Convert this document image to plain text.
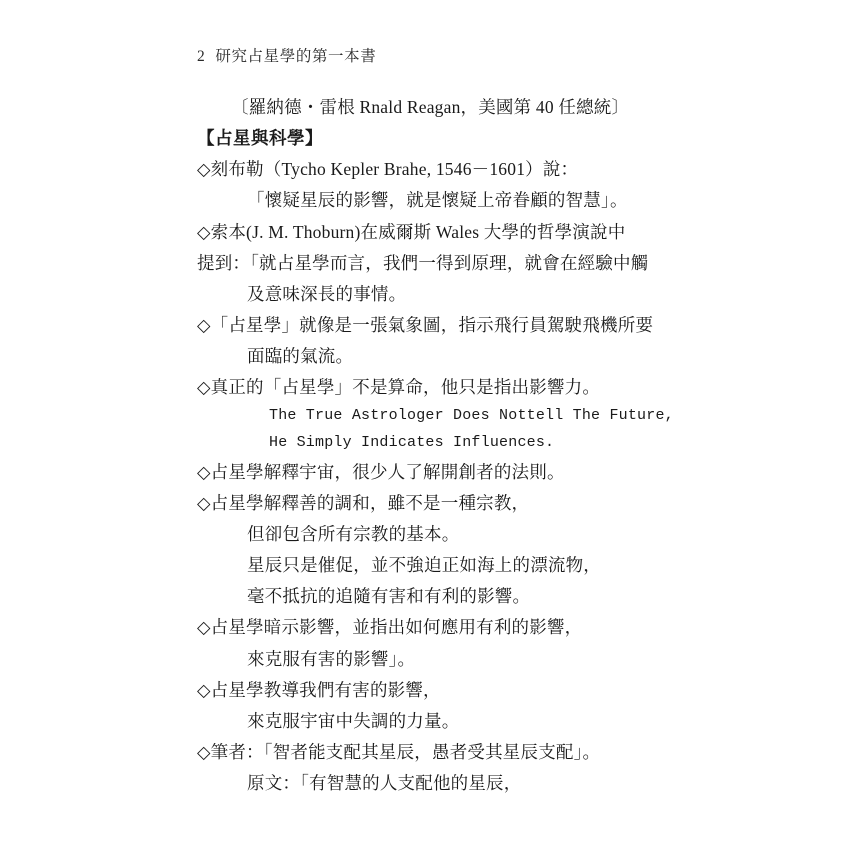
2 研究占星學的第一本書
〔羅納德・雷根 Rnald Reagan，美國第 40 任總統〕
【占星與科學】
◇刻布勒（Tycho Kepler Brahe, 1546－1601）說：
「懷疑星辰的影響，就是懷疑上帝眷顧的智慧」。
◇索本(J. M. Thoburn)在威爾斯 Wales 大學的哲學演說中
提到：「就占星學而言，我們一得到原理，就會在經驗中觸
及意味深長的事情。
◇「占星學」就像是一張氣象圖，指示飛行員駕駛飛機所要
面臨的氣流。
◇真正的「占星學」不是算命，他只是指出影響力。
The True Astrologer Does Nottell The Future,
He Simply Indicates Influences.
◇占星學解釋宇宙，很少人了解開創者的法則。
◇占星學解釋善的調和，雖不是一種宗教，
但卻包含所有宗教的基本。
星辰只是催促，並不強迫正如海上的漂流物，
毫不抵抗的追隨有害和有利的影響。
◇占星學暗示影響，並指出如何應用有利的影響，
來克服有害的影響」。
◇占星學教導我們有害的影響，
來克服宇宙中失調的力量。
◇筆者：「智者能支配其星辰，愚者受其星辰支配」。
原文：「有智慧的人支配他的星辰，
